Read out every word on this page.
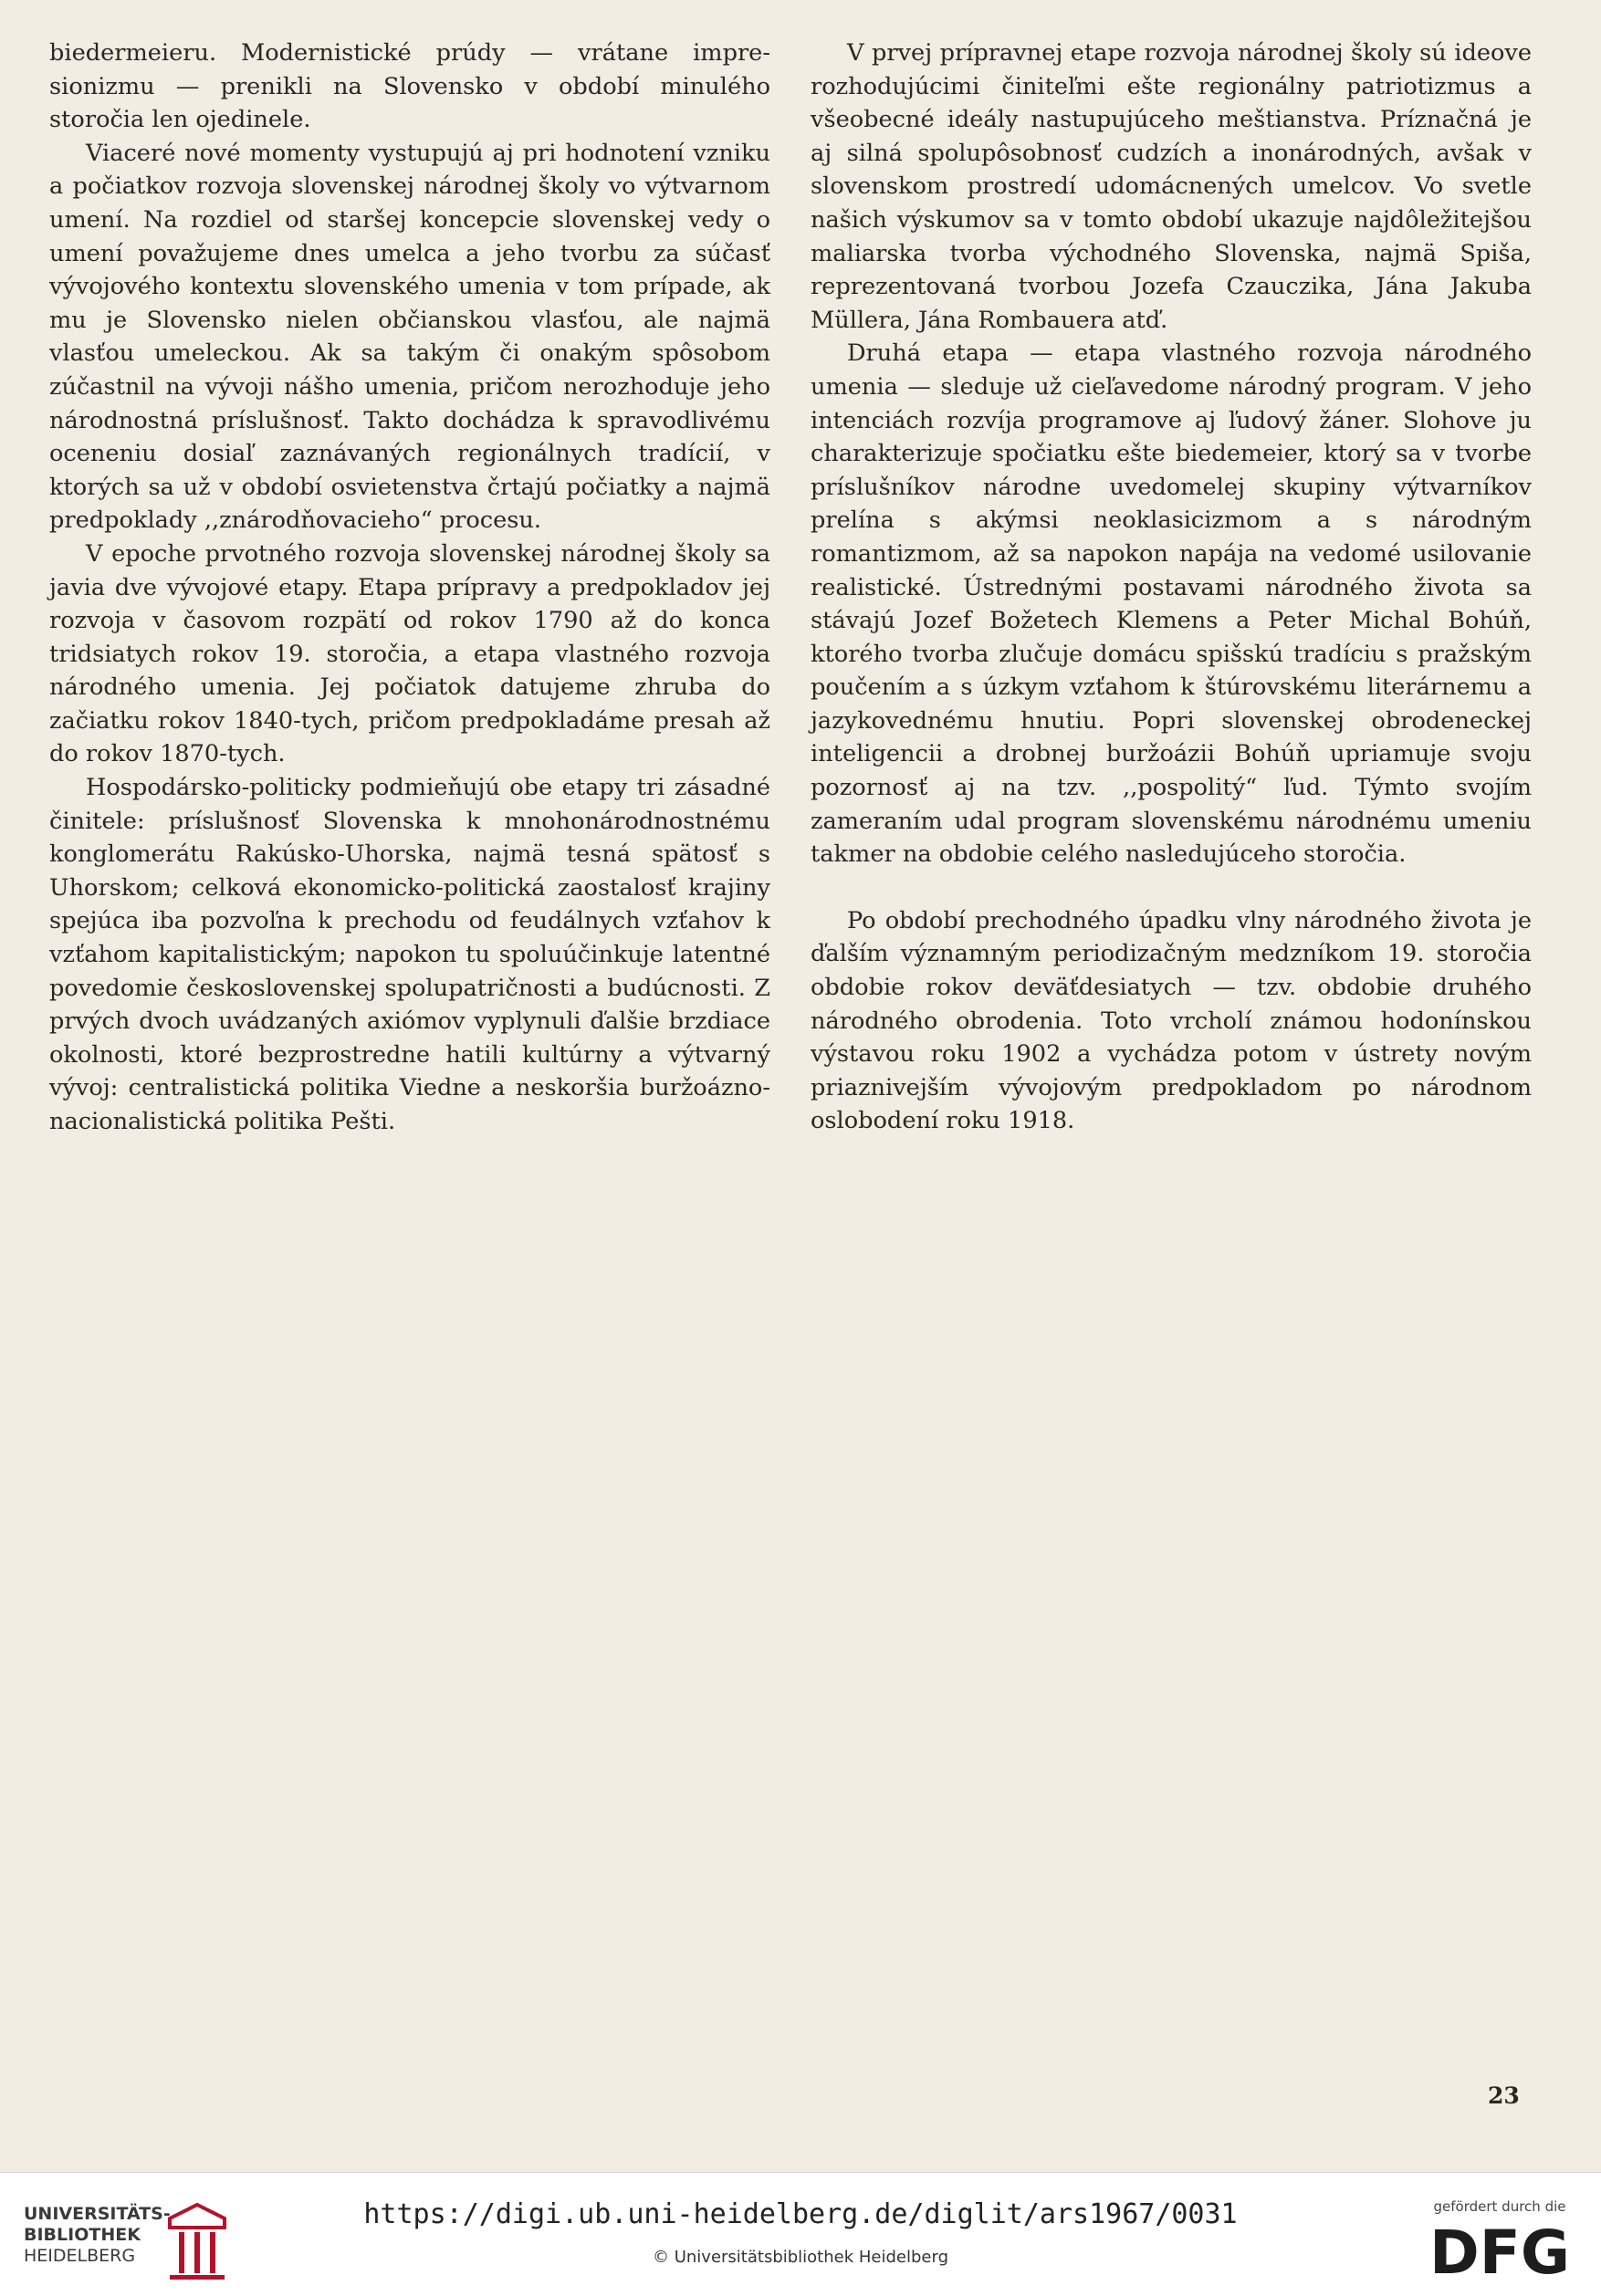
biedermeieru. Modernistické prúdy — vrátane impresionizmu — prenikli na Slovensko v období minulého storočia len ojedinele.

Viaceré nové momenty vystupujú aj pri hodnotení vzniku a počiatkov rozvoja slovenskej národnej školy vo výtvarnom umení. Na rozdiel od staršej koncepcie slovenskej vedy o umení považujeme dnes umelca a jeho tvorbu za súčasť vývojového kontextu slovenského umenia v tom prípade, ak mu je Slovensko nielen občianskou vlasťou, ale najmä vlasťou umeleckou. Ak sa takým či onakým spôsobom zúčastnil na vývoji nášho umenia, pričom nerozhoduje jeho národnostná príslušnosť. Takto dochádza k spravodlivému oceneniu dosiaľ zaznávaných regionálnych tradícií, v ktorých sa už v období osvietenstva črtajú počiatky a najmä predpoklady ,,znárodňovacieho“ procesu.

V epoche prvotného rozvoja slovenskej národnej školy sa javia dve vývojové etapy. Etapa prípravy a predpokladov jej rozvoja v časovom rozpätí od rokov 1790 až do konca tridsiatych rokov 19. storočia, a etapa vlastného rozvoja národného umenia. Jej počiatok datujeme zhruba do začiatku rokov 1840-tych, pričom predpokladáme presah až do rokov 1870-tych.

Hospodársko-politicky podmieňujú obe etapy tri zásadné činitele: príslušnosť Slovenska k mnohonárodnostnému konglomerátu Rakúsko-Uhorska, najmä tesná spätosť s Uhorskom; celková ekonomicko-politická zaostalosť krajiny spejúca iba pozvoľna k prechodu od feudálnych vzťahov k vzťahom kapitalistickým; napokon tu spoluúčinkuje latentné povedomie československej spolupatričnosti a budúcnosti. Z prvých dvoch uvádzaných axiómov vyplynuli ďalšie brzdiace okolnosti, ktoré bezprostredne hatili kultúrny a výtvarný vývoj: centralistická politika Viedne a neskoršia buržoáznonacionalistická politika Pešti.

V prvej prípravnej etape rozvoja národnej školy sú ideove rozhodujúcimi činiteľmi ešte regionálny patriotizmus a všeobecné ideály nastupujúceho meštianstva. Príznačná je aj silná spolupôsobnosť cudzích a inonárodných, avšak v slovenskom prostredí udomácnených umelcov. Vo svetle našich výskumov sa v tomto období ukazuje najdôležitejšou maliarska tvorba východného Slovenska, najmä Spiša, reprezentovaná tvorbou Jozefa Czauczika, Jána Jakuba Müllera, Jána Rombauera atď.

Druhá etapa — etapa vlastného rozvoja národného umenia — sleduje už cieľavedome národný program. V jeho intenciách rozvíja programove aj ľudový žáner. Slohove ju charakterizuje spočiatku ešte biedemeier, ktorý sa v tvorbe príslušníkov národne uvedomelej skupiny výtvarníkov prelína s akýmsi neoklasicizmom a s národným romantizmom, až sa napokon napája na vedomé usilovanie realistické. Ústrednými postavami národného života sa stávajú Jozef Božetech Klemens a Peter Michal Bohúň, ktorého tvorba zlučuje domácu spišskú tradíciu s pražským poučením a s úzkym vzťahom k štúrovskému literárnemu a jazykovednému hnutiu. Popri slovenskej obrodeneckej inteligencii a drobnej buržoázii Bohúň upriamuje svoju pozornosť aj na tzv. ,,pospolitý“ ľud. Týmto svojím zameraním udal program slovenskému národnému umeniu takmer na obdobie celého nasledujúceho storočia.

Po období prechodného úpadku vlny národného života je ďalším významným periodizačným medzníkom 19. storočia obdobie rokov deväťdesiatych — tzv. obdobie druhého národného obrodenia. Toto vrcholí známou hodonínskou výstavou roku 1902 a vychádza potom v ústrety novým priaznivejším vývojovým predpokladom po národnom oslobodení roku 1918.

23
UNIVERSITÄTS-
BIBLIOTHEK
HEIDELBERG
https://digi.ub.uni-heidelberg.de/diglit/ars1967/0031
© Universitätsbibliothek Heidelberg
gefördert durch die
DFG
